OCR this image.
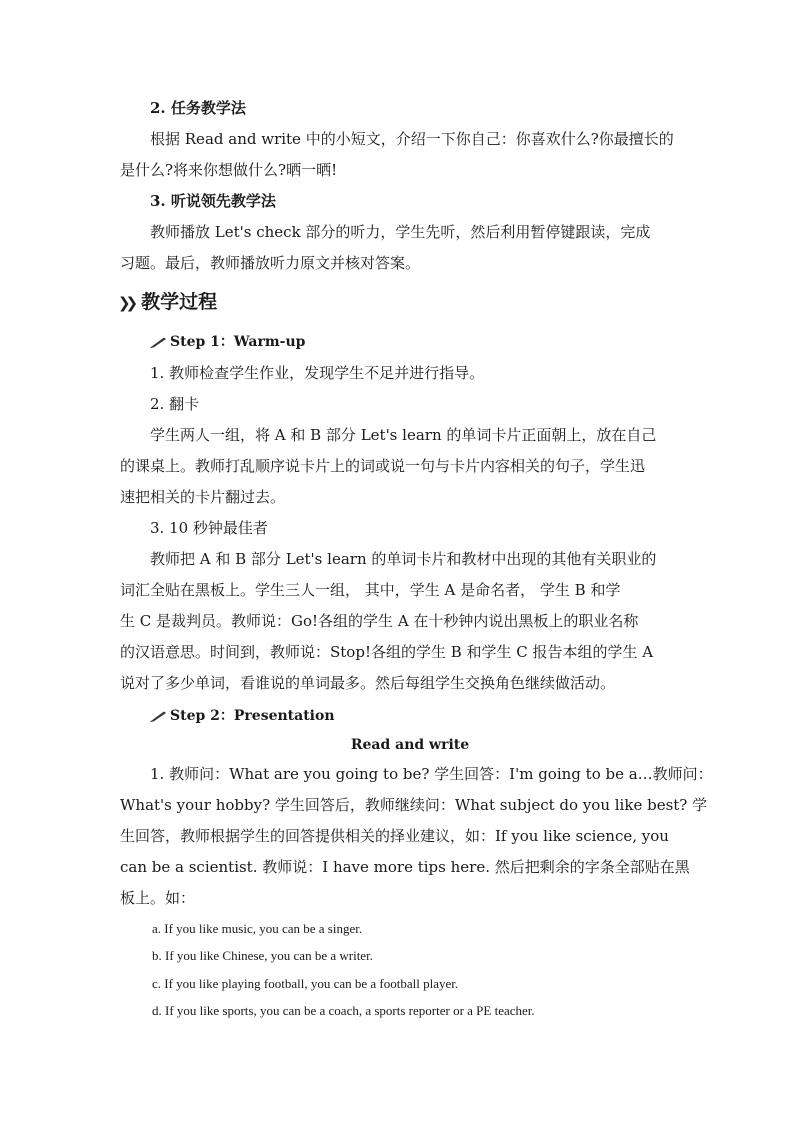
2. 任务教学法
根据 Read and write 中的小短文，介绍一下你自己：你喜欢什么?你最擅长的
是什么?将来你想做什么?晒一晒!
3. 听说领先教学法
教师播放 Let's check 部分的听力，学生先听，然后利用暂停键跟读，完成
习题。最后，教师播放听力原文并核对答案。
❯❯ 教学过程
Step 1：Warm-up
1. 教师检查学生作业，发现学生不足并进行指导。
2. 翻卡
学生两人一组，将 A 和 B 部分 Let's learn 的单词卡片正面朝上，放在自己
的课桌上。教师打乱顺序说卡片上的词或说一句与卡片内容相关的句子，学生迅
速把相关的卡片翻过去。
3. 10 秒钟最佳者
教师把 A 和 B 部分 Let's learn 的单词卡片和教材中出现的其他有关职业的
词汇全贴在黑板上。学生三人一组， 其中，学生 A 是命名者， 学生 B 和学
生 C 是裁判员。教师说：Go!各组的学生 A 在十秒钟内说出黑板上的职业名称
的汉语意思。时间到，教师说：Stop!各组的学生 B 和学生 C 报告本组的学生 A
说对了多少单词，看谁说的单词最多。然后每组学生交换角色继续做活动。
Step 2：Presentation
Read and write
1. 教师问：What are you going to be? 学生回答：I'm going to be a…教师问：
What's your hobby? 学生回答后，教师继续问：What subject do you like best? 学
生回答，教师根据学生的回答提供相关的择业建议，如：If you like science, you
can be a scientist. 教师说：I have more tips here. 然后把剩余的字条全部贴在黑
板上。如：
a. If you like music, you can be a singer.
b. If you like Chinese, you can be a writer.
c. If you like playing football, you can be a football player.
d. If you like sports, you can be a coach, a sports reporter or a PE teacher.
